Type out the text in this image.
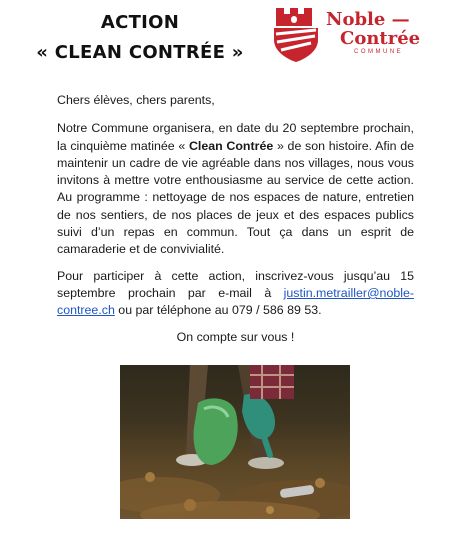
ACTION
« CLEAN CONTRÉE »
Noble —
Contrée
COMMUNE

Chers élèves, chers parents,

Notre Commune organisera, en date du 20 septembre prochain, la cinquième matinée « Clean Contrée » de son histoire. Afin de maintenir un cadre de vie agréable dans nos villages, nous vous invitons à mettre votre enthousiasme au service de cette action. Au programme : nettoyage de nos espaces de nature, entretien de nos sentiers, de nos places de jeux et des espaces publics suivi d’un repas en commun. Tout ça dans un esprit de camaraderie et de convivialité.

Pour participer à cette action, inscrivez-vous jusqu’au 15 septembre prochain par e-mail à justin.metrailler@noble-contree.ch ou par téléphone au 079 / 586 89 53.

On compte sur vous !
